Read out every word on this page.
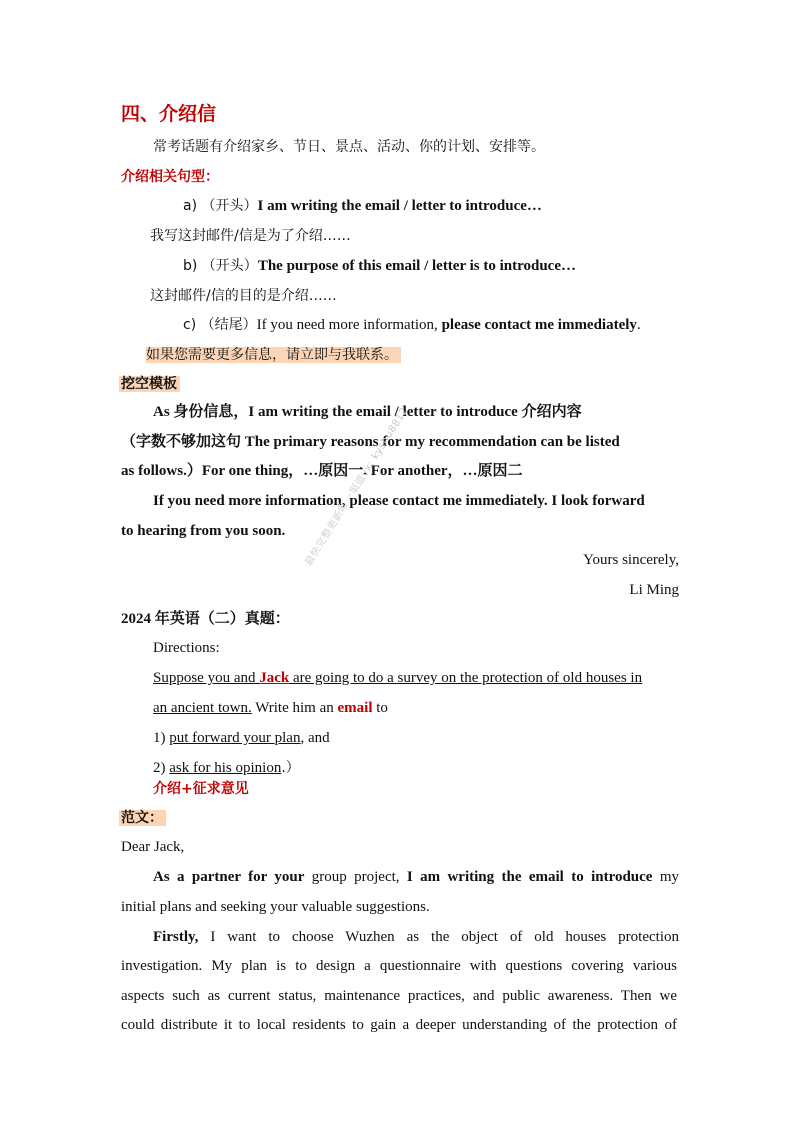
四、介绍信
常考话题有介绍家乡、节日、景点、活动、你的计划、安排等。
介绍相关句型：
a) （开头）I am writing the email / letter to introduce…
我写这封邮件/信是为了介绍……
b) （开头）The purpose of this email / letter is to introduce…
这封邮件/信的目的是介绍……
c) （结尾）If you need more information, please contact me immediately.
如果您需要更多信息，请立即与我联系。
挖空模板
As 身份信息，I am writing the email / letter to introduce 介绍内容
（字数不够加这句 The primary reasons for my recommendation can be listed
as follows.）For one thing，…原因一. For another，…原因二
If you need more information, please contact me immediately. I look forward
to hearing from you soon.
Yours sincerely,
Li Ming
2024 年英语（二）真题：
Directions:
Suppose you and Jack are going to do a survey on the protection of old houses in
an ancient town. Write him an email to
1) put forward your plan, and
2) ask for his opinion.）
介绍+征求意见
范文：
Dear Jack,
As a partner for your group project, I am writing the email to introduce my
initial plans and seeking your valuable suggestions.
Firstly, I want to choose Wuzhen as the object of old houses protection
investigation. My plan is to design a questionnaire with questions covering various
aspects such as current status, maintenance practices, and public awareness. Then we
could distribute it to local residents to gain a deeper understanding of the protection of
最快完整更新唯一渠道vx: kyshu8812
